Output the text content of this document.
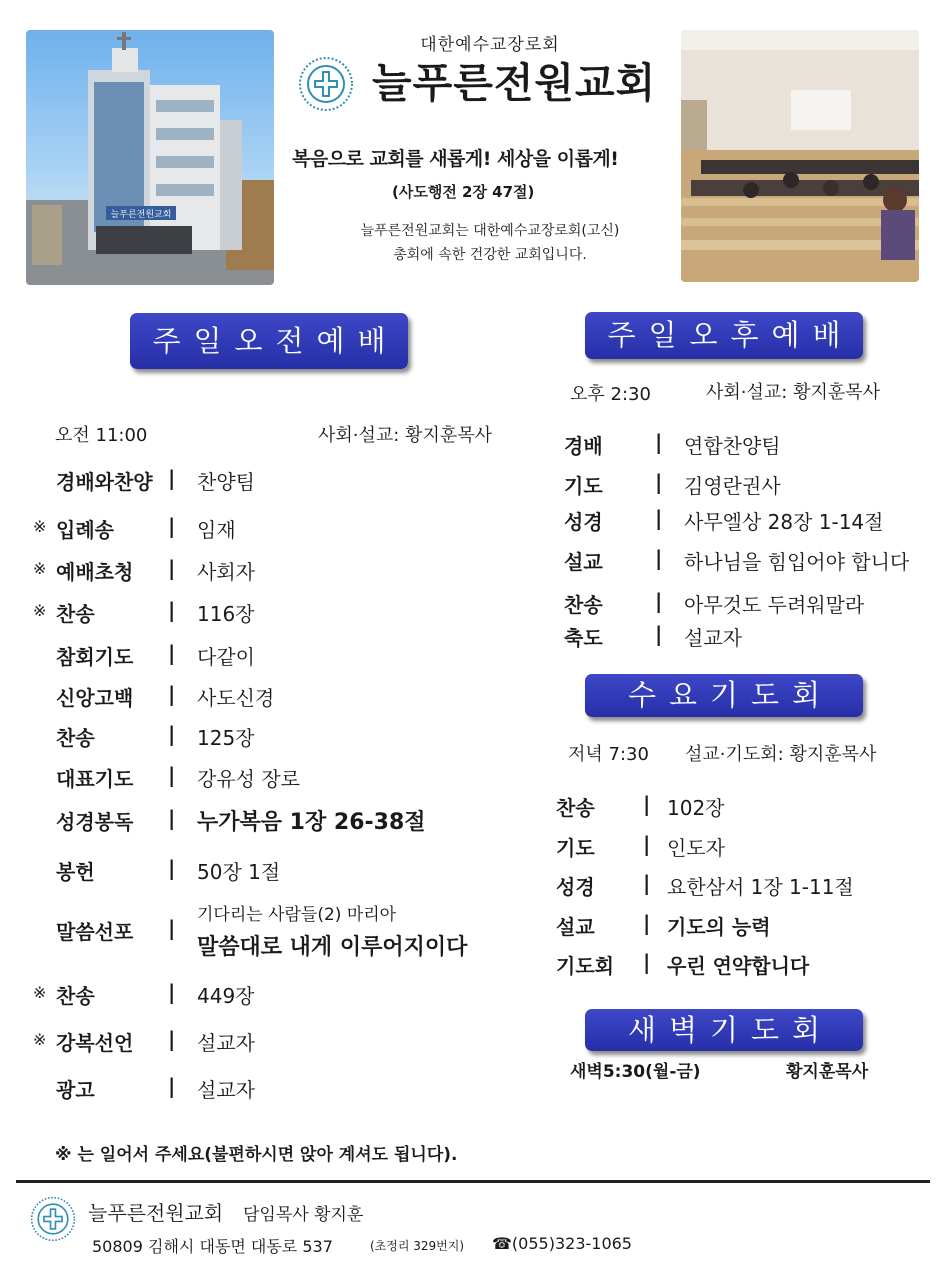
늘푸른전원교회
대한예수교장로회
늘푸른전원교회
복음으로 교회를 새롭게! 세상을 이롭게!
(사도행전 2장 47절)
늘푸른전원교회는 대한예수교장로회(고신)
총회에 속한 건강한 교회입니다.
주일오전예배
오전 11:00	사회·설교: 황지훈목사
경배와찬양 | 찬양팀
※ 입례송	| 임재
※ 예배초청	| 사회자
※ 찬송	| 116장
참회기도	| 다같이
신앙고백	| 사도신경
찬송	| 125장
대표기도	| 강유성 장로
성경봉독	| 누가복음 1장 26-38절
봉헌	| 50장 1절
말씀선포	|
기다리는 사람들(2) 마리아
말씀대로 내게 이루어지이다
※ 찬송	| 449장
※ 강복선언	| 설교자
광고	| 설교자
※ 는 일어서 주세요(불편하시면 앉아 계셔도 됩니다).
주일오후예배
오후 2:30	사회·설교: 황지훈목사
경배	| 연합찬양팀
기도	| 김영란권사
성경	| 사무엘상 28장 1-14절
설교	| 하나님을 힘입어야 합니다
찬송	| 아무것도 두려워말라
축도	| 설교자
수요기도회
저녁 7:30 설교·기도회: 황지훈목사
찬송	| 102장
기도	| 인도자
성경	| 요한삼서 1장 1-11절
설교	| 기도의 능력
기도회	| 우린 연약합니다
새벽기도회
새벽5:30(월-금)	황지훈목사
늘푸른전원교회 담임목사 황지훈
50809 김해시 대동면 대동로 537	(초정리 329번지) ☎(055)323-1065
